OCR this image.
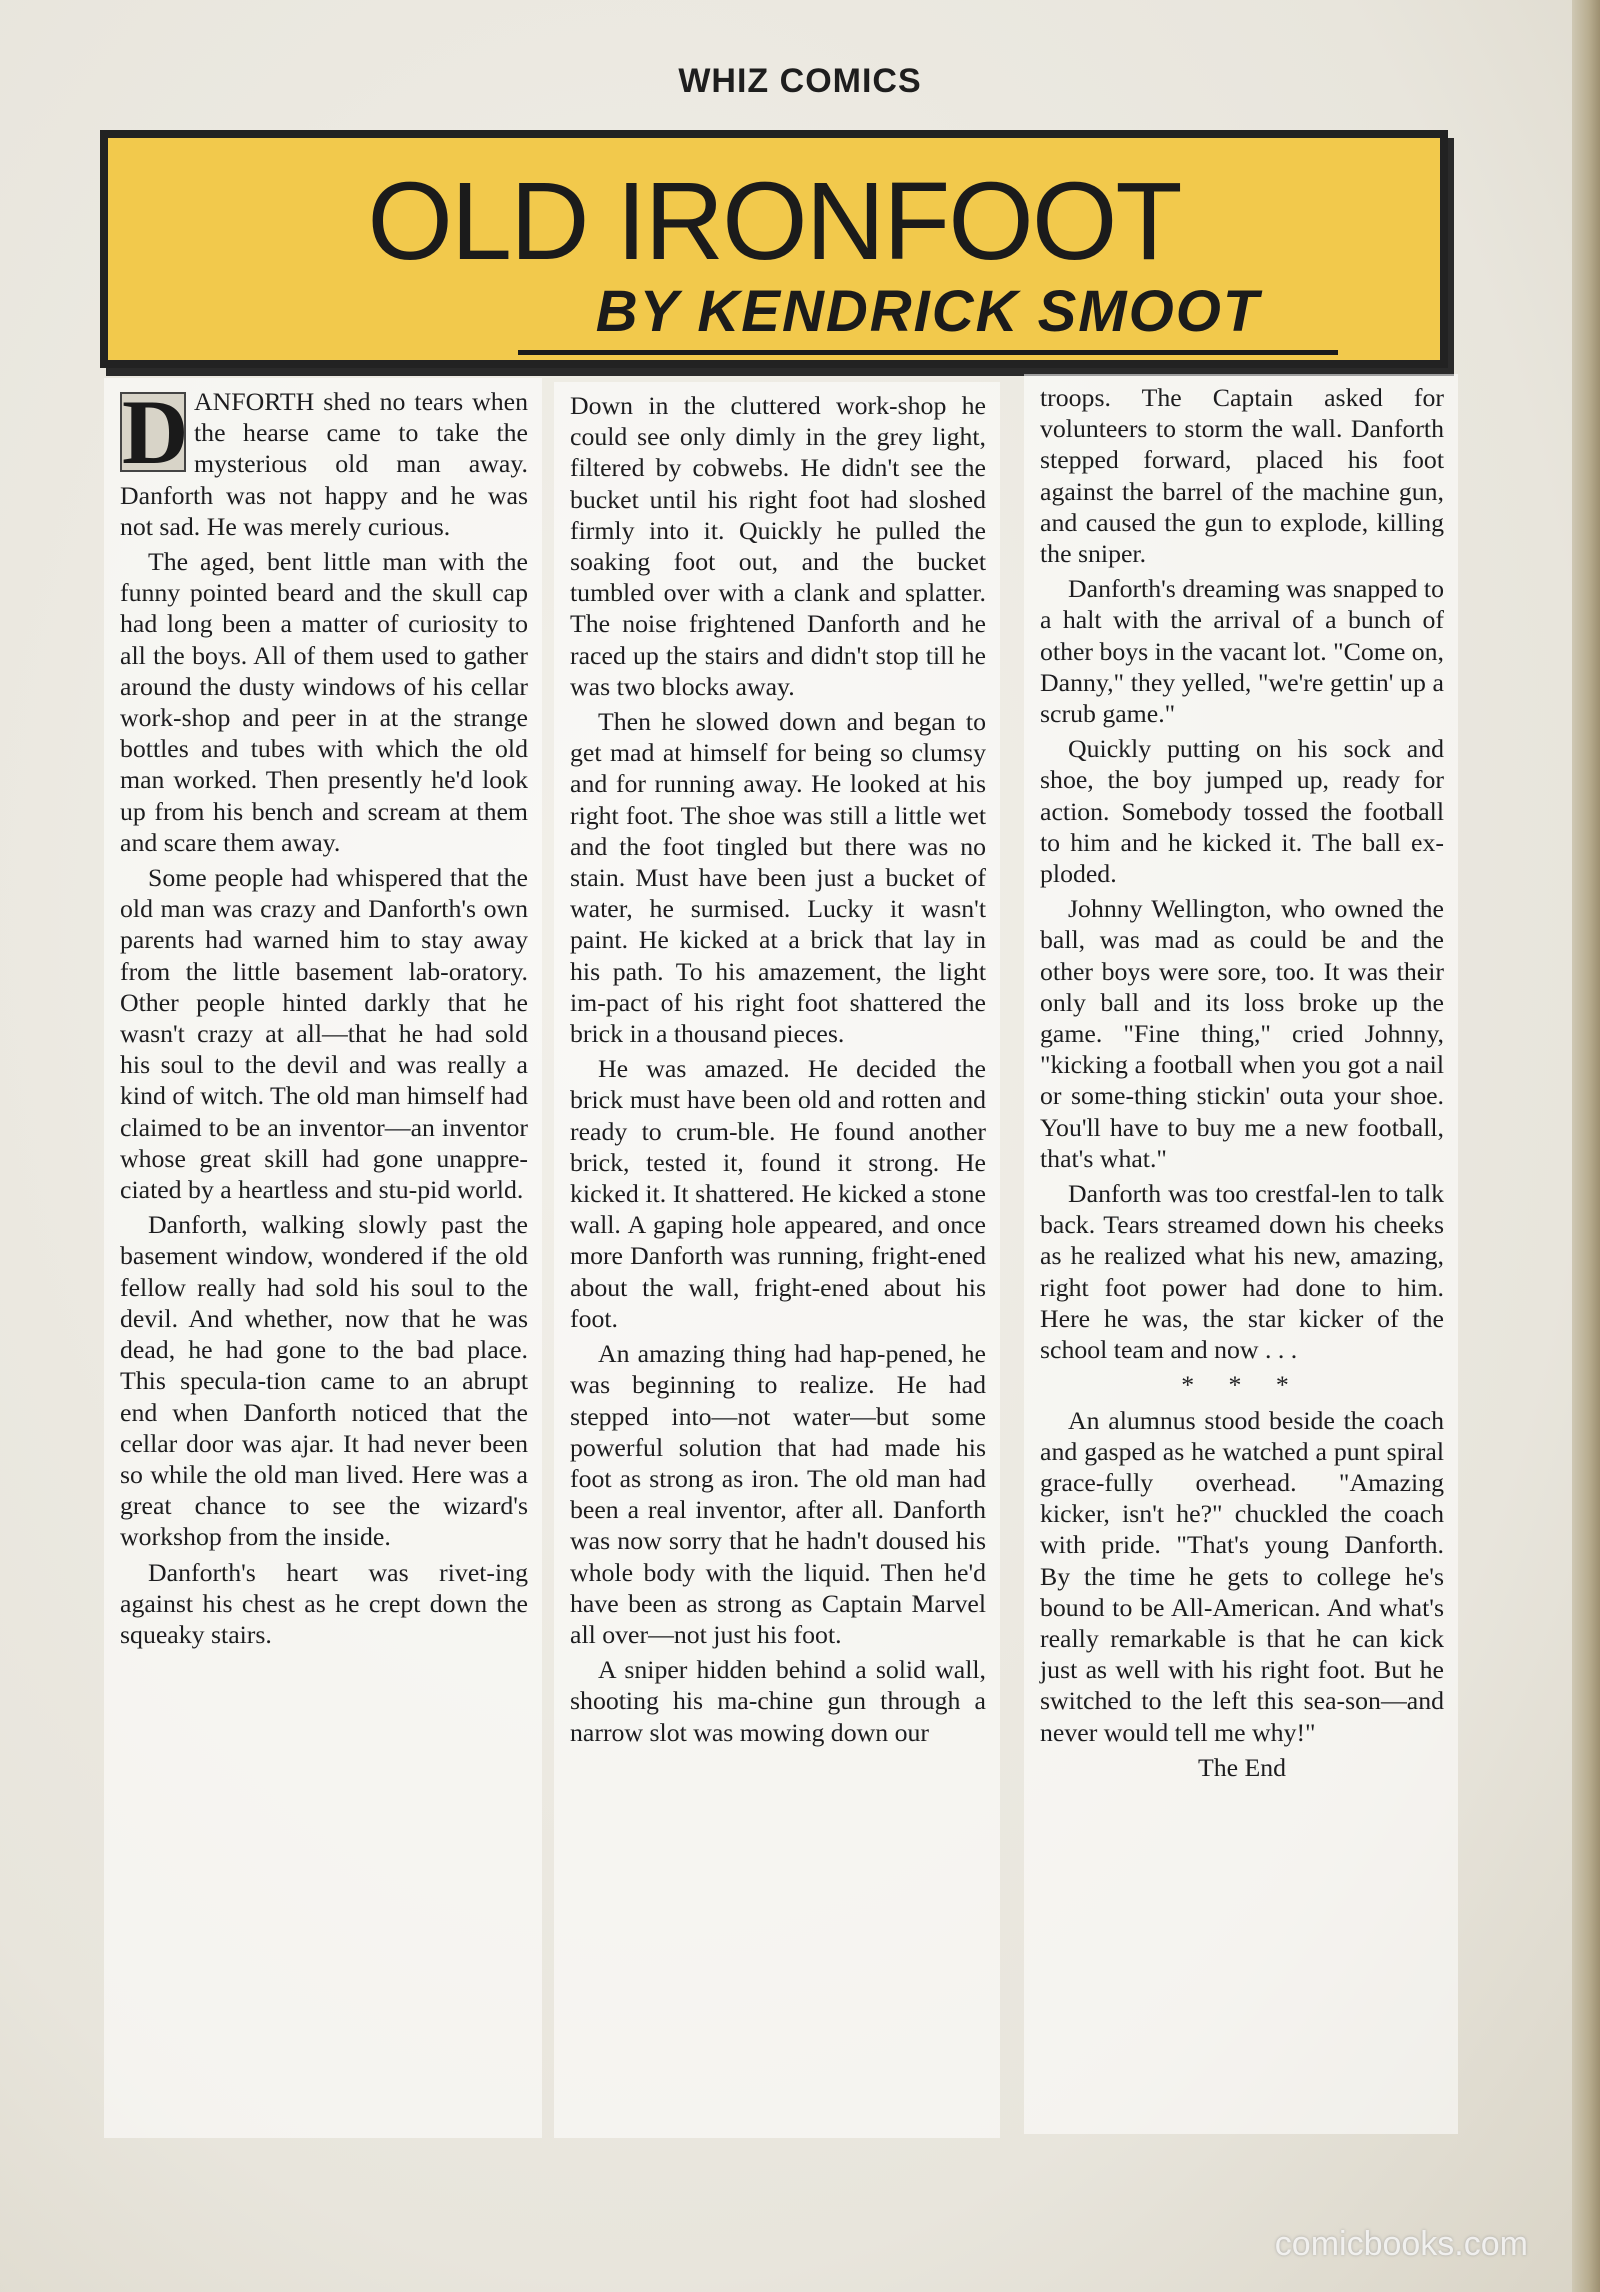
WHIZ COMICS
OLD IRONFOOT
BY KENDRICK SMOOT
D ANFORTH shed no tears when the hearse came to take the mysterious old man away. Danforth was not happy and he was not sad. He was merely curious.

The aged, bent little man with the funny pointed beard and the skull cap had long been a matter of curiosity to all the boys. All of them used to gather around the dusty windows of his cellar work-shop and peer in at the strange bottles and tubes with which the old man worked. Then presently he'd look up from his bench and scream at them and scare them away.

Some people had whispered that the old man was crazy and Danforth's own parents had warned him to stay away from the little basement lab-oratory. Other people hinted darkly that he wasn't crazy at all—that he had sold his soul to the devil and was really a kind of witch. The old man himself had claimed to be an inventor—an inventor whose great skill had gone unappre-ciated by a heartless and stu-pid world.

Danforth, walking slowly past the basement window, wondered if the old fellow really had sold his soul to the devil. And whether, now that he was dead, he had gone to the bad place. This specula-tion came to an abrupt end when Danforth noticed that the cellar door was ajar. It had never been so while the old man lived. Here was a great chance to see the wizard's workshop from the inside.

Danforth's heart was rivet-ing against his chest as he crept down the squeaky stairs.

Down in the cluttered work-shop he could see only dimly in the grey light, filtered by cobwebs. He didn't see the bucket until his right foot had sloshed firmly into it. Quickly he pulled the soaking foot out, and the bucket tumbled over with a clank and splatter. The noise frightened Danforth and he raced up the stairs and didn't stop till he was two blocks away.

Then he slowed down and began to get mad at himself for being so clumsy and for running away. He looked at his right foot. The shoe was still a little wet and the foot tingled but there was no stain. Must have been just a bucket of water, he surmised. Lucky it wasn't paint. He kicked at a brick that lay in his path. To his amazement, the light im-pact of his right foot shattered the brick in a thousand pieces.

He was amazed. He decided the brick must have been old and rotten and ready to crum-ble. He found another brick, tested it, found it strong. He kicked it. It shattered. He kicked a stone wall. A gaping hole appeared, and once more Danforth was running, fright-ened about the wall, fright-ened about his foot.

An amazing thing had hap-pened, he was beginning to realize. He had stepped into—not water—but some powerful solution that had made his foot as strong as iron. The old man had been a real inventor, after all. Danforth was now sorry that he hadn't doused his whole body with the liquid. Then he'd have been as strong as Captain Marvel all over—not just his foot.

A sniper hidden behind a solid wall, shooting his ma-chine gun through a narrow slot was mowing down our

troops. The Captain asked for volunteers to storm the wall. Danforth stepped forward, placed his foot against the barrel of the machine gun, and caused the gun to explode, killing the sniper.

Danforth's dreaming was snapped to a halt with the arrival of a bunch of other boys in the vacant lot. "Come on, Danny," they yelled, "we're gettin' up a scrub game."

Quickly putting on his sock and shoe, the boy jumped up, ready for action. Somebody tossed the football to him and he kicked it. The ball ex-ploded.

Johnny Wellington, who owned the ball, was mad as could be and the other boys were sore, too. It was their only ball and its loss broke up the game. "Fine thing," cried Johnny, "kicking a football when you got a nail or some-thing stickin' outa your shoe. You'll have to buy me a new football, that's what."

Danforth was too crestfal-len to talk back. Tears streamed down his cheeks as he realized what his new, amazing, right foot power had done to him. Here he was, the star kicker of the school team and now . . .

* * *

An alumnus stood beside the coach and gasped as he watched a punt spiral grace-fully overhead. "Amazing kicker, isn't he?" chuckled the coach with pride. "That's young Danforth. By the time he gets to college he's bound to be All-American. And what's really remarkable is that he can kick just as well with his right foot. But he switched to the left this sea-son—and never would tell me why!"

The End

comicbooks.com
